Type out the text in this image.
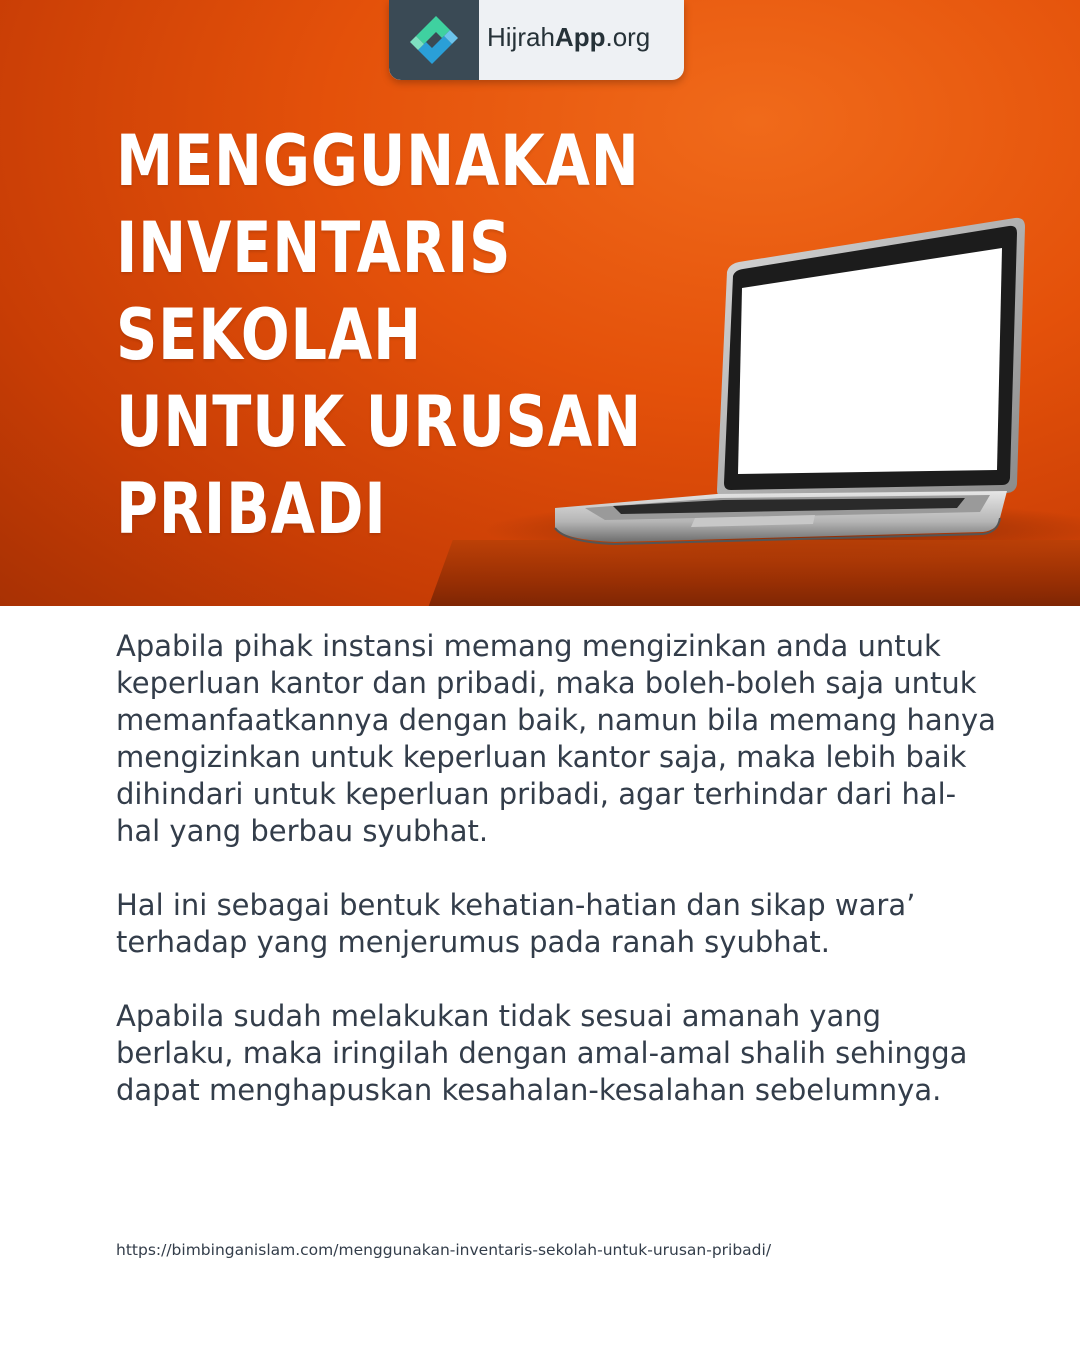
HijrahApp.org
MENGGUNAKAN
INVENTARIS
SEKOLAH
UNTUK URUSAN
PRIBADI

Apabila pihak instansi memang mengizinkan anda untuk keperluan kantor dan pribadi, maka boleh-boleh saja untuk memanfaatkannya dengan baik, namun bila memang hanya mengizinkan untuk keperluan kantor saja, maka lebih baik dihindari untuk keperluan pribadi, agar terhindar dari hal-hal yang berbau syubhat.

Hal ini sebagai bentuk kehatian-hatian dan sikap wara’ terhadap yang menjerumus pada ranah syubhat.

Apabila sudah melakukan tidak sesuai amanah yang berlaku, maka iringilah dengan amal-amal shalih sehingga dapat menghapuskan kesahalan-kesalahan sebelumnya.

https://bimbinganislam.com/menggunakan-inventaris-sekolah-untuk-urusan-pribadi/
